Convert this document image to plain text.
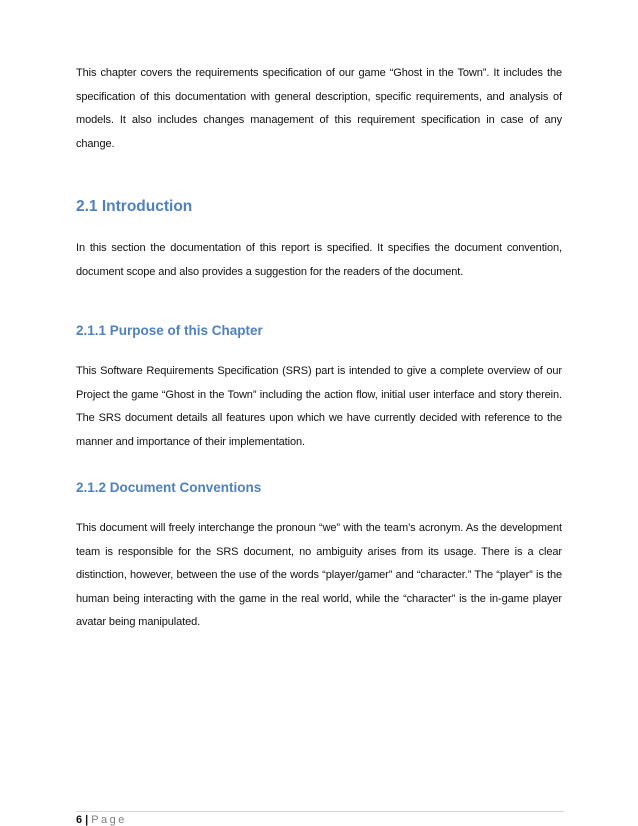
This chapter covers the requirements specification of our game “Ghost in the Town”. It includes the specification of this documentation with general description, specific requirements, and analysis of models. It also includes changes management of this requirement specification in case of any change.

2.1 Introduction

In this section the documentation of this report is specified. It specifies the document convention, document scope and also provides a suggestion for the readers of the document.

2.1.1 Purpose of this Chapter

This Software Requirements Specification (SRS) part is intended to give a complete overview of our Project the game “Ghost in the Town” including the action flow, initial user interface and story therein. The SRS document details all features upon which we have currently decided with reference to the manner and importance of their implementation.

2.1.2 Document Conventions

This document will freely interchange the pronoun “we” with the team’s acronym. As the development team is responsible for the SRS document, no ambiguity arises from its usage. There is a clear distinction, however, between the use of the words “player/gamer” and “character.” The “player” is the human being interacting with the game in the real world, while the “character” is the in-game player avatar being manipulated.

6 | Page
